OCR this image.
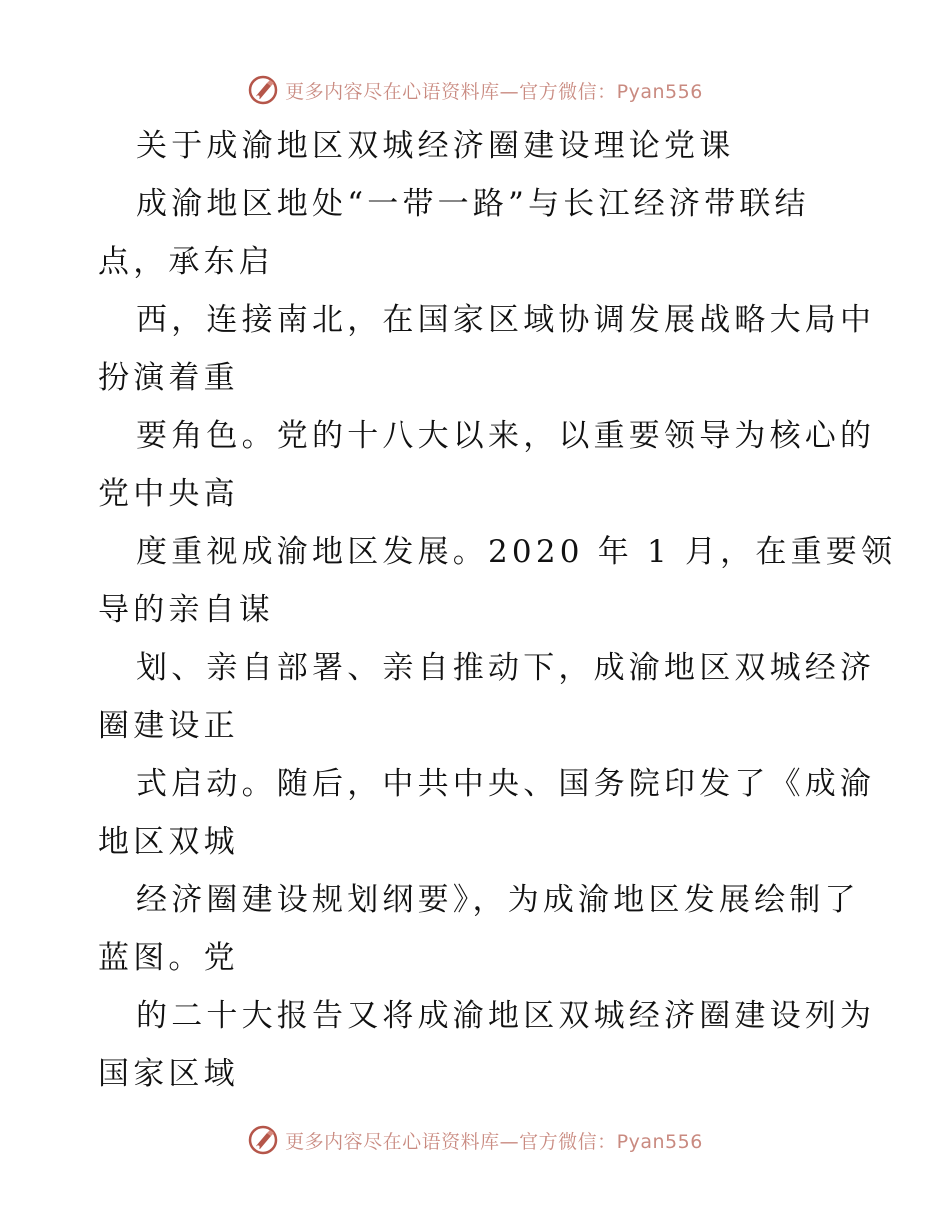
更多内容尽在心语资料库—官方微信：Pyan556
关于成渝地区双城经济圈建设理论党课
成渝地区地处“一带一路”与长江经济带联结
点，承东启
西，连接南北，在国家区域协调发展战略大局中
扮演着重
要角色。党的十八大以来，以重要领导为核心的
党中央高
度重视成渝地区发展。2020 年 1 月，在重要领
导的亲自谋
划、亲自部署、亲自推动下，成渝地区双城经济
圈建设正
式启动。随后，中共中央、国务院印发了《成渝
地区双城
经济圈建设规划纲要》，为成渝地区发展绘制了
蓝图。党
的二十大报告又将成渝地区双城经济圈建设列为
国家区域
更多内容尽在心语资料库—官方微信：Pyan556
